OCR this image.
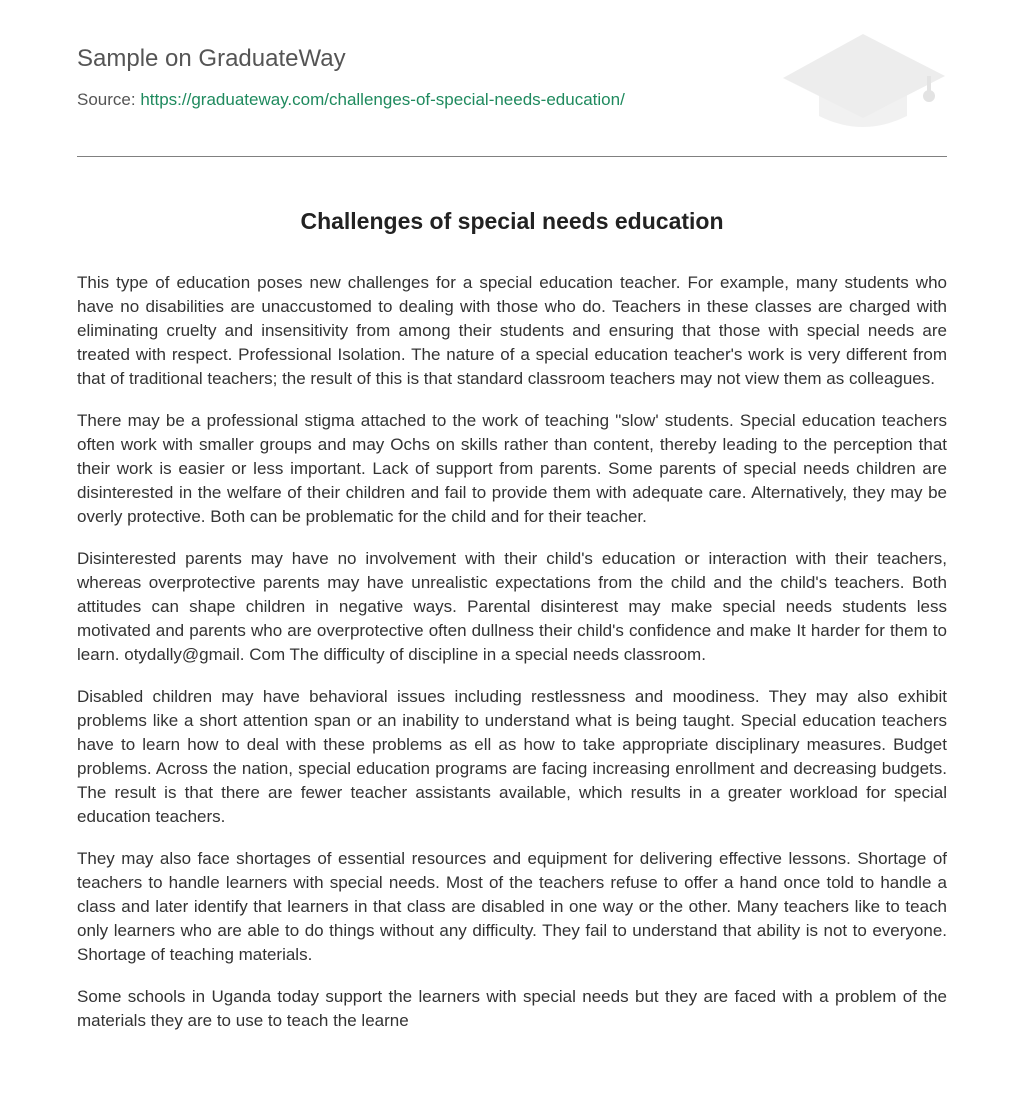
Sample on GraduateWay
Source: https://graduateway.com/challenges-of-special-needs-education/
Challenges of special needs education

This type of education poses new challenges for a special education teacher. For example, many students who have no disabilities are unaccustomed to dealing with those who do. Teachers in these classes are charged with eliminating cruelty and insensitivity from among their students and ensuring that those with special needs are treated with respect. Professional Isolation. The nature of a special education teacher's work is very different from that of traditional teachers; the result of this is that standard classroom teachers may not view them as colleagues.

There may be a professional stigma attached to the work of teaching "slow' students. Special education teachers often work with smaller groups and may Ochs on skills rather than content, thereby leading to the perception that their work is easier or less important. Lack of support from parents. Some parents of special needs children are disinterested in the welfare of their children and fail to provide them with adequate care. Alternatively, they may be overly protective. Both can be problematic for the child and for their teacher.

Disinterested parents may have no involvement with their child's education or interaction with their teachers, whereas overprotective parents may have unrealistic expectations from the child and the child's teachers. Both attitudes can shape children in negative ways. Parental disinterest may make special needs students less motivated and parents who are overprotective often dullness their child's confidence and make It harder for them to learn. otydally@gmail. Com The difficulty of discipline in a special needs classroom.

Disabled children may have behavioral issues including restlessness and moodiness. They may also exhibit problems like a short attention span or an inability to understand what is being taught. Special education teachers have to learn how to deal with these problems as ell as how to take appropriate disciplinary measures. Budget problems. Across the nation, special education programs are facing increasing enrollment and decreasing budgets. The result is that there are fewer teacher assistants available, which results in a greater workload for special education teachers.

They may also face shortages of essential resources and equipment for delivering effective lessons. Shortage of teachers to handle learners with special needs. Most of the teachers refuse to offer a hand once told to handle a class and later identify that learners in that class are disabled in one way or the other. Many teachers like to teach only learners who are able to do things without any difficulty. They fail to understand that ability is not to everyone. Shortage of teaching materials.

Some schools in Uganda today support the learners with special needs but they are faced with a problem of the materials they are to use to teach the learne
